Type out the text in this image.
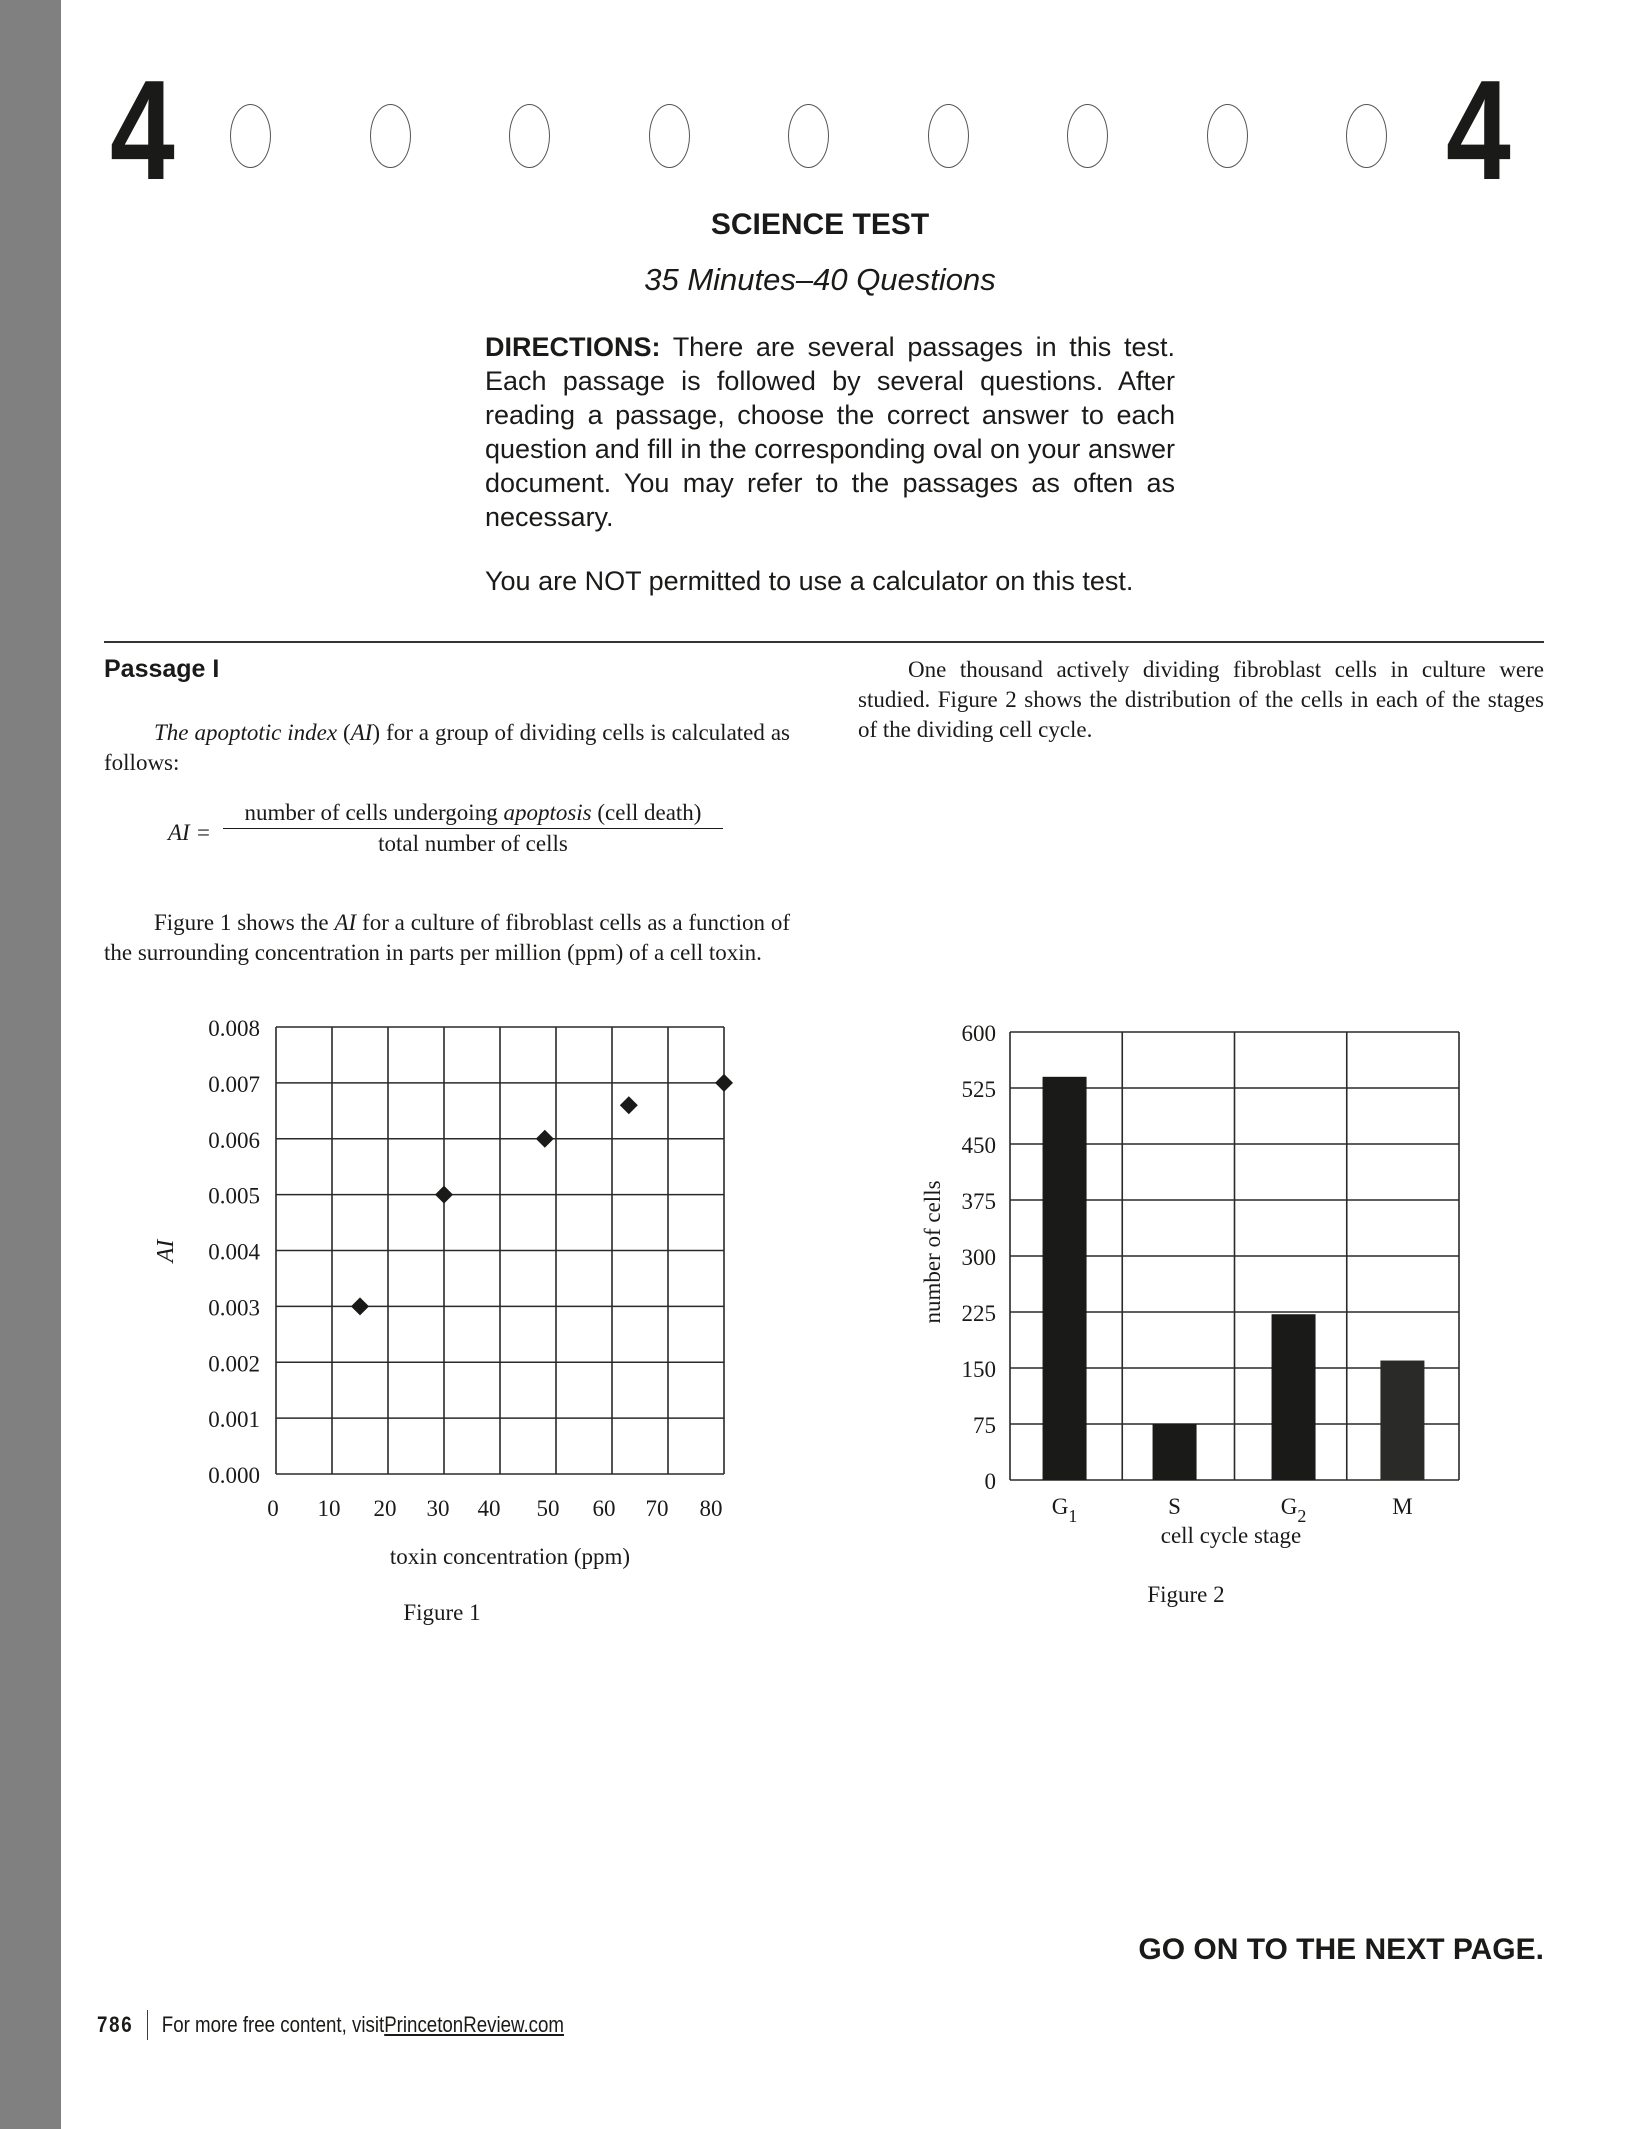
4	4
SCIENCE TEST
35 Minutes–40 Questions
DIRECTIONS: There are several passages in this test. Each passage is followed by several questions. After reading a passage, choose the correct answer to each question and fill in the corresponding oval on your answer document. You may refer to the passages as often as necessary.
You are NOT permitted to use a calculator on this test.
Passage I
The apoptotic index (AI) for a group of dividing cells is calculated as follows:
AI =
number of cells undergoing apoptosis (cell death)
total number of cells
Figure 1 shows the AI for a culture of fibroblast cells as a function of the surrounding concentration in parts per million (ppm) of a cell toxin.
One thousand actively dividing fibroblast cells in culture were studied. Figure 2 shows the distribution of the cells in each of the stages of the dividing cell cycle.
0.000
0.001
0.002
0.003
0.004
0.005
0.006
0.007
0.008
0 10 20 30 40 50 60 70 80
toxin concentration (ppm)
AI
Figure 1
0
75
150
225
300
375
450
525
600
$G_1$	S	$G_2$	M
cell cycle stage
number of cells
Figure 2
GO ON TO THE NEXT PAGE.
786 For more free content, visit PrincetonReview.com
